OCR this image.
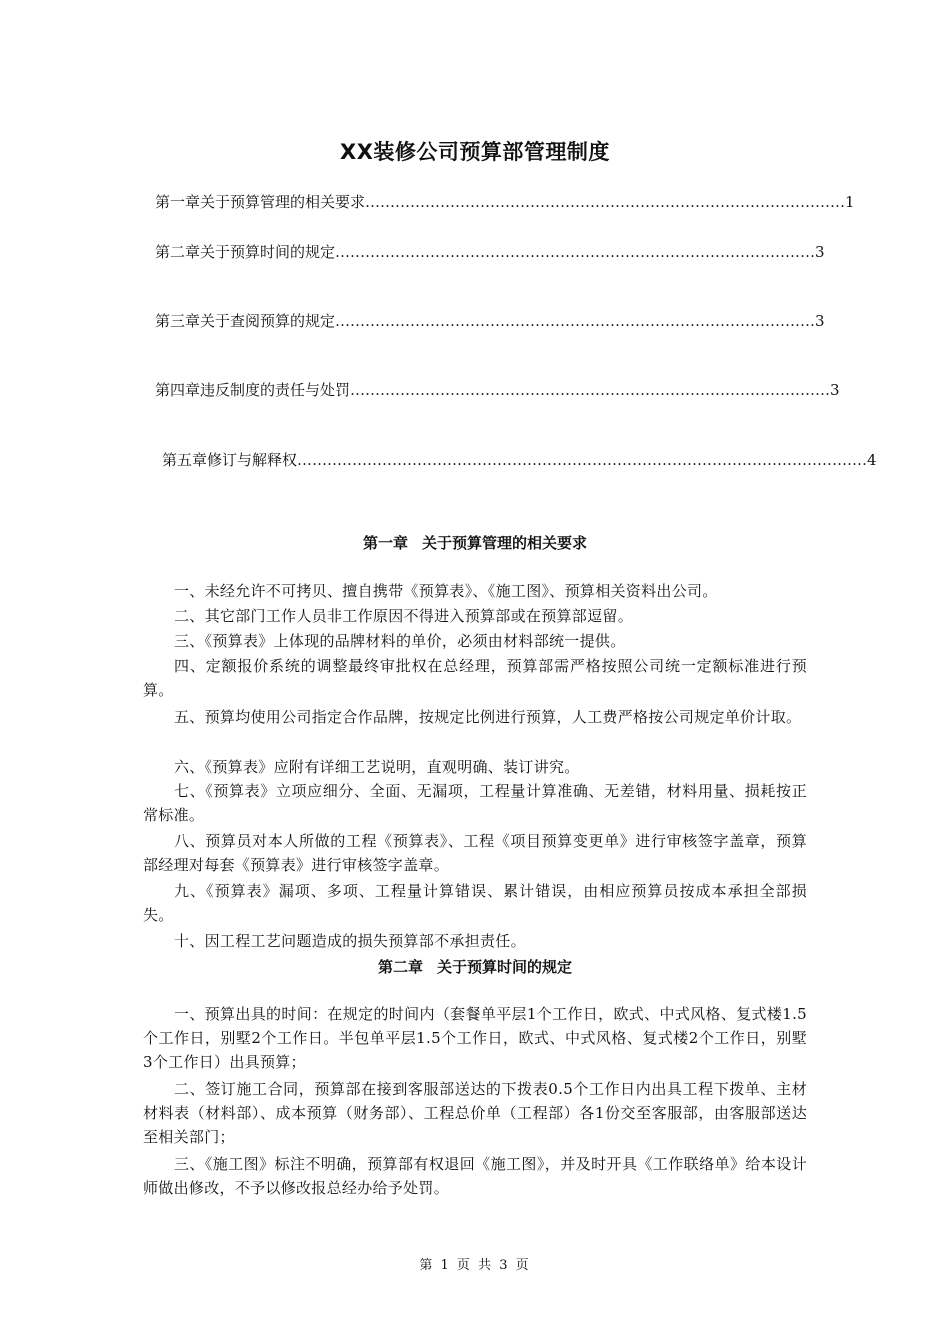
XX装修公司预算部管理制度
第一章 关于预算管理的相关要求 …………………………………………………………………………………… 1
第二章 关于预算时间的规定 …………………………………………………………………………………… 3
第三章 关于查阅预算的规定 …………………………………………………………………………………… 3
第四章 违反制度的责任与处罚 …………………………………………………………………………………… 3
第五章 修订与解释权 …………………………………………………………………………………………………… 4
第一章 关于预算管理的相关要求
一、未经允许不可拷贝、擅自携带《预算表》、《施工图》、预算相关资料出公司。
二、其它部门工作人员非工作原因不得进入预算部或在预算部逗留。
三、《预算表》上体现的品牌材料的单价，必须由材料部统一提供。
四、定额报价系统的调整最终审批权在总经理，预算部需严格按照公司统一定额标准进行预算。
五、预算均使用公司指定合作品牌，按规定比例进行预算，人工费严格按公司规定单价计取。
六、《预算表》应附有详细工艺说明，直观明确、装订讲究。
七、《预算表》立项应细分、全面、无漏项，工程量计算准确、无差错，材料用量、损耗按正常标准。
八、预算员对本人所做的工程《预算表》、工程《项目预算变更单》进行审核签字盖章，预算部经理对每套《预算表》进行审核签字盖章。
九、《预算表》漏项、多项、工程量计算错误、累计错误，由相应预算员按成本承担全部损失。
十、因工程工艺问题造成的损失预算部不承担责任。
第二章 关于预算时间的规定
一、预算出具的时间：在规定的时间内（套餐单平层1个工作日，欧式、中式风格、复式楼1.5个工作日，别墅2个工作日。半包单平层1.5个工作日，欧式、中式风格、复式楼2个工作日，别墅3个工作日）出具预算；
二、签订施工合同，预算部在接到客服部送达的下拨表0.5个工作日内出具工程下拨单、主材材料表（材料部）、成本预算（财务部）、工程总价单（工程部）各1份交至客服部，由客服部送达至相关部门；
三、《施工图》标注不明确，预算部有权退回《施工图》，并及时开具《工作联络单》给本设计师做出修改，不予以修改报总经办给予处罚。
第 1 页 共 3 页
